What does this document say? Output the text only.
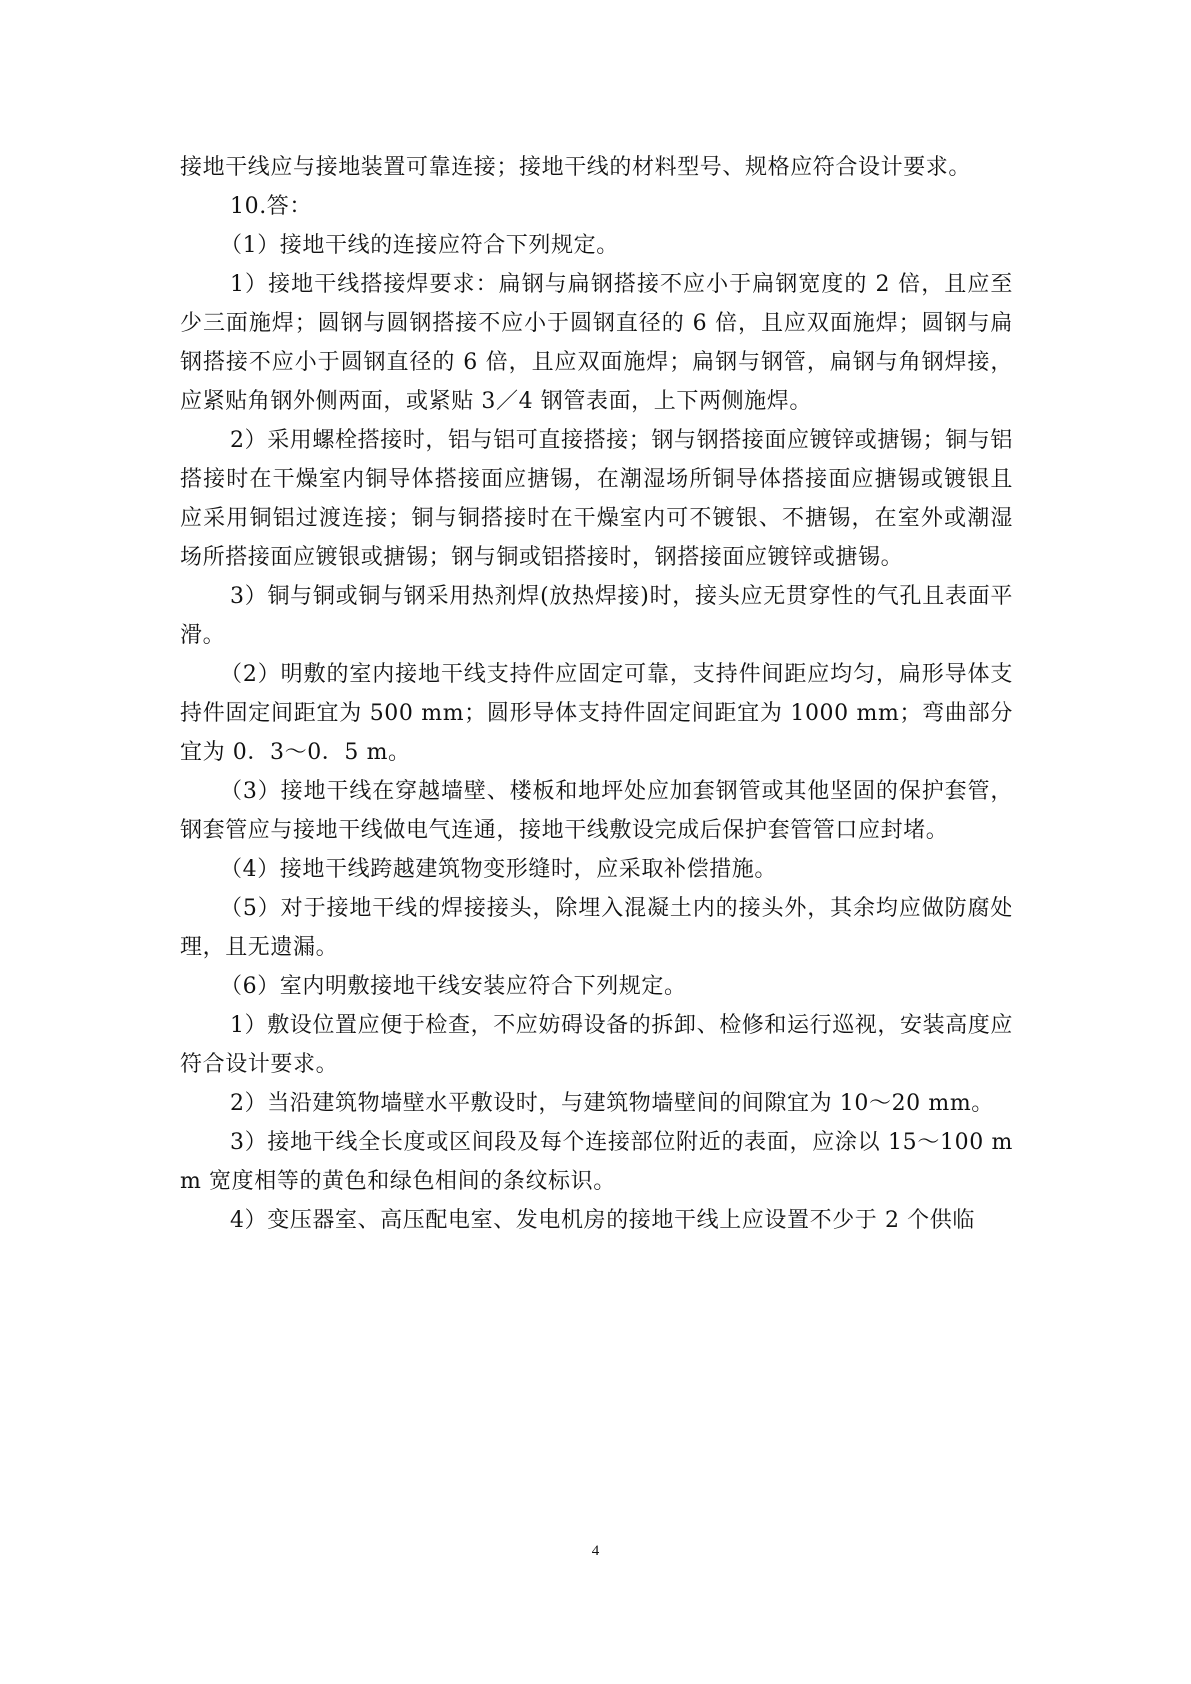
接地干线应与接地装置可靠连接；接地干线的材料型号、规格应符合设计要求。

10.答：

（1）接地干线的连接应符合下列规定。

1）接地干线搭接焊要求：扁钢与扁钢搭接不应小于扁钢宽度的 2 倍，且应至少三面施焊；圆钢与圆钢搭接不应小于圆钢直径的 6 倍，且应双面施焊；圆钢与扁钢搭接不应小于圆钢直径的 6 倍，且应双面施焊；扁钢与钢管，扁钢与角钢焊接，应紧贴角钢外侧两面，或紧贴 3／4 钢管表面，上下两侧施焊。

2）采用螺栓搭接时，铝与铝可直接搭接；钢与钢搭接面应镀锌或搪锡；铜与铝搭接时在干燥室内铜导体搭接面应搪锡，在潮湿场所铜导体搭接面应搪锡或镀银且应采用铜铝过渡连接；铜与铜搭接时在干燥室内可不镀银、不搪锡，在室外或潮湿场所搭接面应镀银或搪锡；钢与铜或铝搭接时，钢搭接面应镀锌或搪锡。

3）铜与铜或铜与钢采用热剂焊(放热焊接)时，接头应无贯穿性的气孔且表面平滑。

（2）明敷的室内接地干线支持件应固定可靠，支持件间距应均匀，扁形导体支持件固定间距宜为 500 mm；圆形导体支持件固定间距宜为 1000 mm；弯曲部分宜为 0．3～0．5 m。

（3）接地干线在穿越墙壁、楼板和地坪处应加套钢管或其他坚固的保护套管，钢套管应与接地干线做电气连通，接地干线敷设完成后保护套管管口应封堵。

（4）接地干线跨越建筑物变形缝时，应采取补偿措施。

（5）对于接地干线的焊接接头，除埋入混凝土内的接头外，其余均应做防腐处理，且无遗漏。

（6）室内明敷接地干线安装应符合下列规定。

1）敷设位置应便于检查，不应妨碍设备的拆卸、检修和运行巡视，安装高度应符合设计要求。

2）当沿建筑物墙壁水平敷设时，与建筑物墙壁间的间隙宜为 10～20 mm。

3）接地干线全长度或区间段及每个连接部位附近的表面，应涂以 15～100 mm 宽度相等的黄色和绿色相间的条纹标识。

4）变压器室、高压配电室、发电机房的接地干线上应设置不少于 2 个供临

4
